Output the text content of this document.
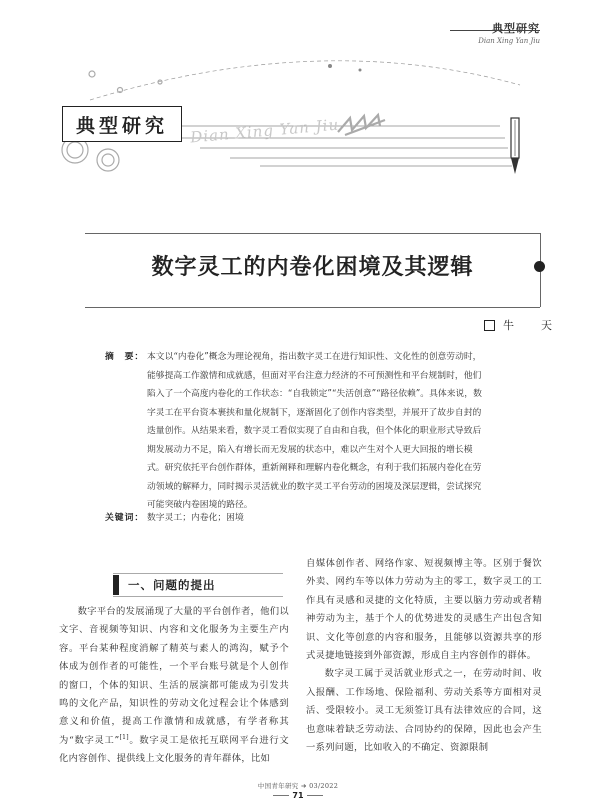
典型研究
Dian Xing Yan Jiu
典型研究	Dian Xing Yan Jiu
数字灵工的内卷化困境及其逻辑
牛　天
摘　要： 本文以“内卷化”概念为理论视角，指出数字灵工在进行知识性、文化性的创意劳动时，能够提高工作激情和成就感，但面对平台注意力经济的不可预测性和平台规制时，他们陷入了一个高度内卷化的工作状态：“自我锁定”“失活创意”“路径依赖”。具体来说，数字灵工在平台资本裹挟和量化规制下，逐渐固化了创作内容类型，并展开了故步自封的迭量创作。从结果来看，数字灵工看似实现了自由和自我，但个体化的职业形式导致后期发展动力不足，陷入有增长而无发展的状态中，难以产生对个人更大回报的增长模式。研究依托平台创作群体，重新阐释和理解内卷化概念，有利于我们拓展内卷化在劳动领域的解释力，同时揭示灵活就业的数字灵工平台劳动的困境及深层逻辑，尝试探究可能突破内卷困境的路径。
关键词： 数字灵工；内卷化；困境
一、问题的提出

数字平台的发展涌现了大量的平台创作者，他们以文字、音视频等知识、内容和文化服务为主要生产内容。平台某种程度消解了精英与素人的鸿沟，赋予个体成为创作者的可能性，一个平台账号就是个人创作的窗口，个体的知识、生活的展演都可能成为引发共鸣的文化产品，知识性的劳动文化过程会让个体感到意义和价值，提高工作激情和成就感，有学者称其为“数字灵工”[1]。数字灵工是依托互联网平台进行文化内容创作、提供线上文化服务的青年群体，比如

自媒体创作者、网络作家、短视频博主等。区别于餐饮外卖、网约车等以体力劳动为主的零工，数字灵工的工作具有灵感和灵捷的文化特质，主要以脑力劳动或者精神劳动为主，基于个人的优势进发的灵感生产出包含知识、文化等创意的内容和服务，且能够以资源共享的形式灵捷地链接到外部资源，形成自主内容创作的群体。

数字灵工属于灵活就业形式之一，在劳动时间、收入报酬、工作场地、保险福利、劳动关系等方面相对灵活、受限较小。灵工无须签订具有法律效应的合同，这也意味着缺乏劳动法、合同协约的保障，因此也会产生一系列问题，比如收入的不确定、资源限制

中国青年研究 ➔ 03/2022
71
